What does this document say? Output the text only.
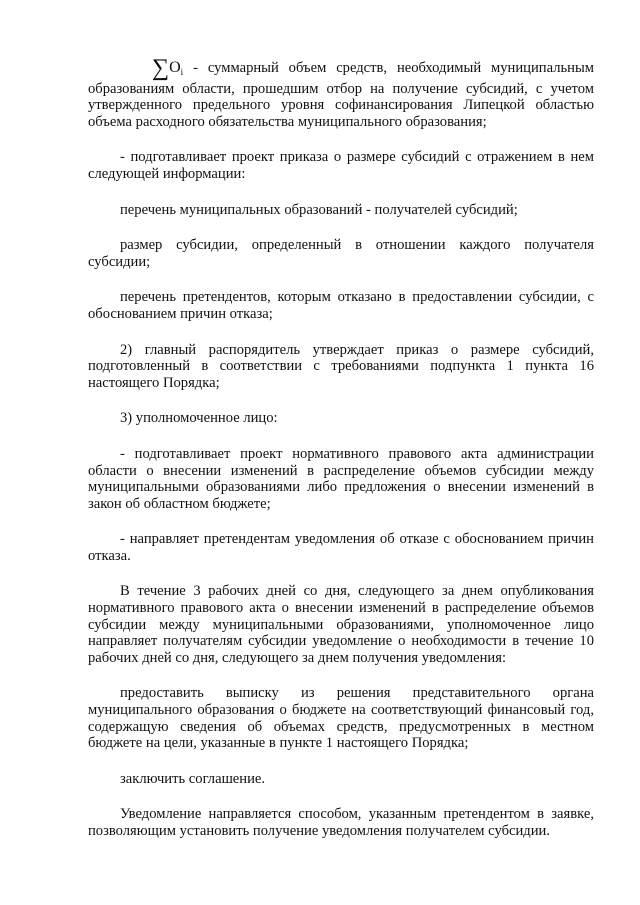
$\sum O_i$ - суммарный объем средств, необходимый муниципальным образованиям области, прошедшим отбор на получение субсидий, с учетом утвержденного предельного уровня софинансирования Липецкой областью объема расходного обязательства муниципального образования;

- подготавливает проект приказа о размере субсидий с отражением в нем следующей информации:

перечень муниципальных образований - получателей субсидий;

размер субсидии, определенный в отношении каждого получателя субсидии;

перечень претендентов, которым отказано в предоставлении субсидии, с обоснованием причин отказа;

2) главный распорядитель утверждает приказ о размере субсидий, подготовленный в соответствии с требованиями подпункта 1 пункта 16 настоящего Порядка;

3) уполномоченное лицо:

- подготавливает проект нормативного правового акта администрации области о внесении изменений в распределение объемов субсидии между муниципальными образованиями либо предложения о внесении изменений в закон об областном бюджете;

- направляет претендентам уведомления об отказе с обоснованием причин отказа.

В течение 3 рабочих дней со дня, следующего за днем опубликования нормативного правового акта о внесении изменений в распределение объемов субсидии между муниципальными образованиями, уполномоченное лицо направляет получателям субсидии уведомление о необходимости в течение 10 рабочих дней со дня, следующего за днем получения уведомления:

предоставить выписку из решения представительного органа муниципального образования о бюджете на соответствующий финансовый год, содержащую сведения об объемах средств, предусмотренных в местном бюджете на цели, указанные в пункте 1 настоящего Порядка;

заключить соглашение.

Уведомление направляется способом, указанным претендентом в заявке, позволяющим установить получение уведомления получателем субсидии.
